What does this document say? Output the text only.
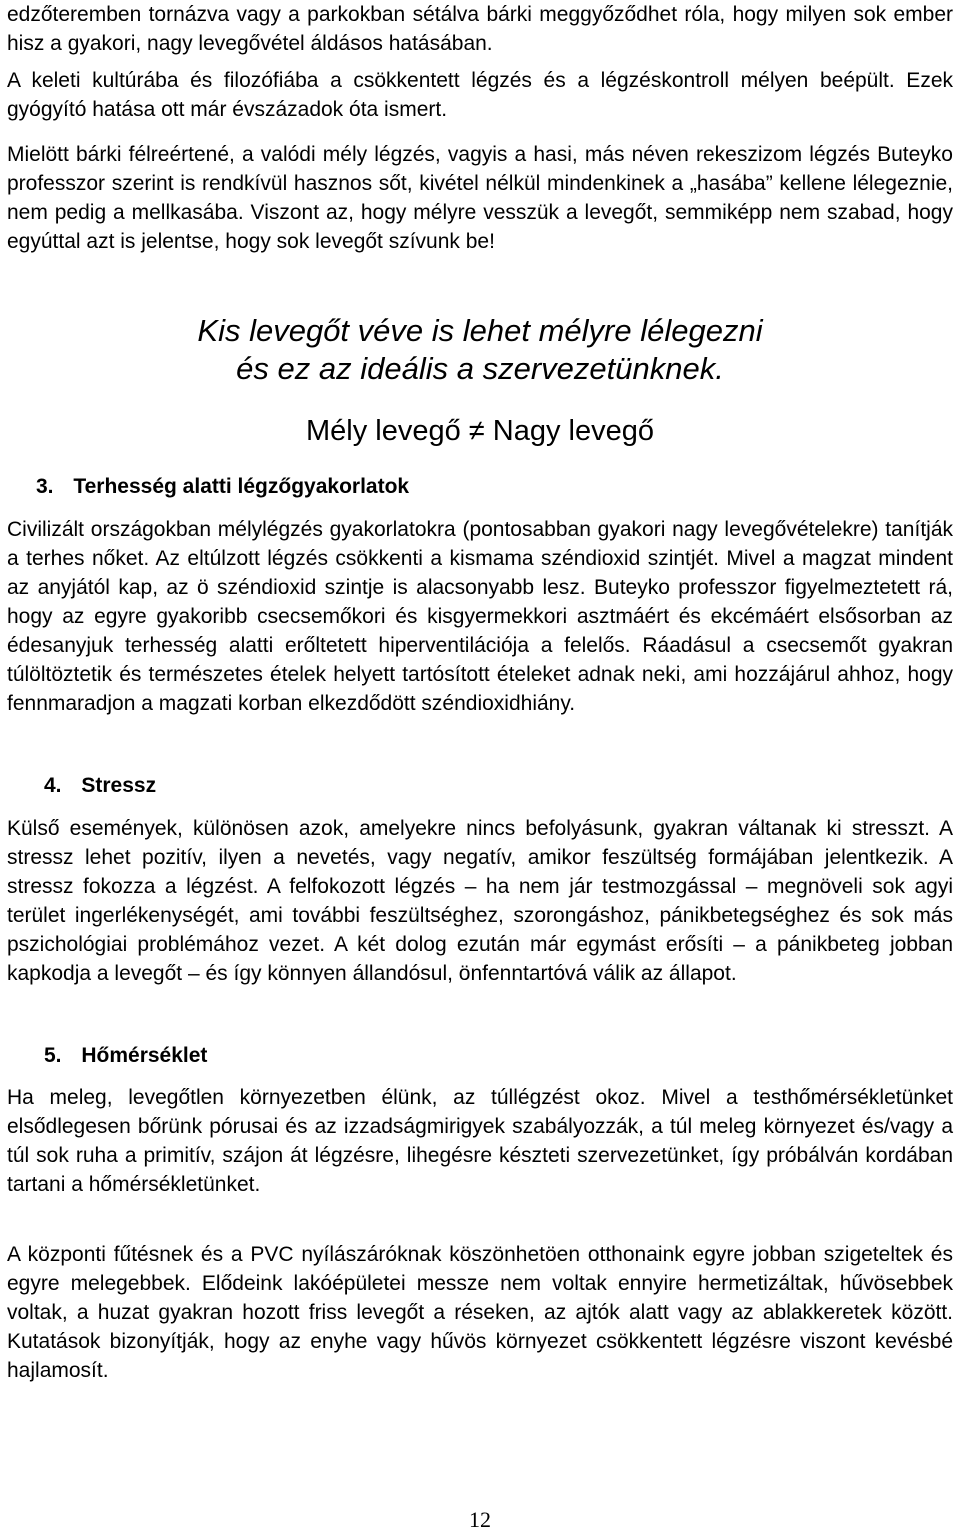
edzőteremben tornázva vagy a parkokban sétálva bárki meggyőződhet róla, hogy milyen sok ember hisz a gyakori, nagy levegővétel áldásos hatásában.

A keleti kultúrába és filozófiába a csökkentett légzés és a légzéskontroll mélyen beépült. Ezek gyógyító hatása ott már évszázadok óta ismert.

Mielött bárki félreértené, a valódi mély légzés, vagyis a hasi, más néven rekeszizom légzés Buteyko professzor szerint is rendkívül hasznos sőt, kivétel nélkül mindenkinek a „hasába” kellene lélegeznie, nem pedig a mellkasába. Viszont az, hogy mélyre vesszük a levegőt, semmiképp nem szabad, hogy egyúttal azt is jelentse, hogy sok levegőt szívunk be!

Kis levegőt véve is lehet mélyre lélegezni

és ez az ideális a szervezetünknek.

Mély levegő ≠ Nagy levegő

3. Terhesség alatti légzőgyakorlatok

Civilizált országokban mélylégzés gyakorlatokra (pontosabban gyakori nagy levegővételekre) tanítják a terhes nőket. Az eltúlzott légzés csökkenti a kismama széndioxid szintjét. Mivel a magzat mindent az anyjától kap, az ö széndioxid szintje is alacsonyabb lesz. Buteyko professzor figyelmeztetett rá, hogy az egyre gyakoribb csecsemőkori és kisgyermekkori asztmáért és ekcémáért elsősorban az édesanyjuk terhesség alatti erőltetett hiperventilációja a felelős. Ráadásul a csecsemőt gyakran túlöltöztetik és természetes ételek helyett tartósított ételeket adnak neki, ami hozzájárul ahhoz, hogy fennmaradjon a magzati korban elkezdődött széndioxidhiány.

4. Stressz

Külső események, különösen azok, amelyekre nincs befolyásunk, gyakran váltanak ki stresszt. A stressz lehet pozitív, ilyen a nevetés, vagy negatív, amikor feszültség formájában jelentkezik. A stressz fokozza a légzést. A felfokozott légzés – ha nem jár testmozgással – megnöveli sok agyi terület ingerlékenységét, ami további feszültséghez, szorongáshoz, pánikbetegséghez és sok más pszichológiai problémához vezet. A két dolog ezután már egymást erősíti – a pánikbeteg jobban kapkodja a levegőt – és így könnyen állandósul, önfenntartóvá válik az állapot.

5. Hőmérséklet

Ha meleg, levegőtlen környezetben élünk, az túllégzést okoz. Mivel a testhőmérsékletünket elsődlegesen bőrünk pórusai és az izzadságmirigyek szabályozzák, a túl meleg környezet és/vagy a túl sok ruha a primitív, szájon át légzésre, lihegésre készteti szervezetünket, így próbálván kordában tartani a hőmérsékletünket.

A központi fűtésnek és a PVC nyílászáróknak köszönhetöen otthonaink egyre jobban szigeteltek és egyre melegebbek. Elődeink lakóépületei messze nem voltak ennyire hermetizáltak, hűvösebbek voltak, a huzat gyakran hozott friss levegőt a réseken, az ajtók alatt vagy az ablakkeretek között. Kutatások bizonyítják, hogy az enyhe vagy hűvös környezet csökkentett légzésre viszont kevésbé hajlamosít.

12
